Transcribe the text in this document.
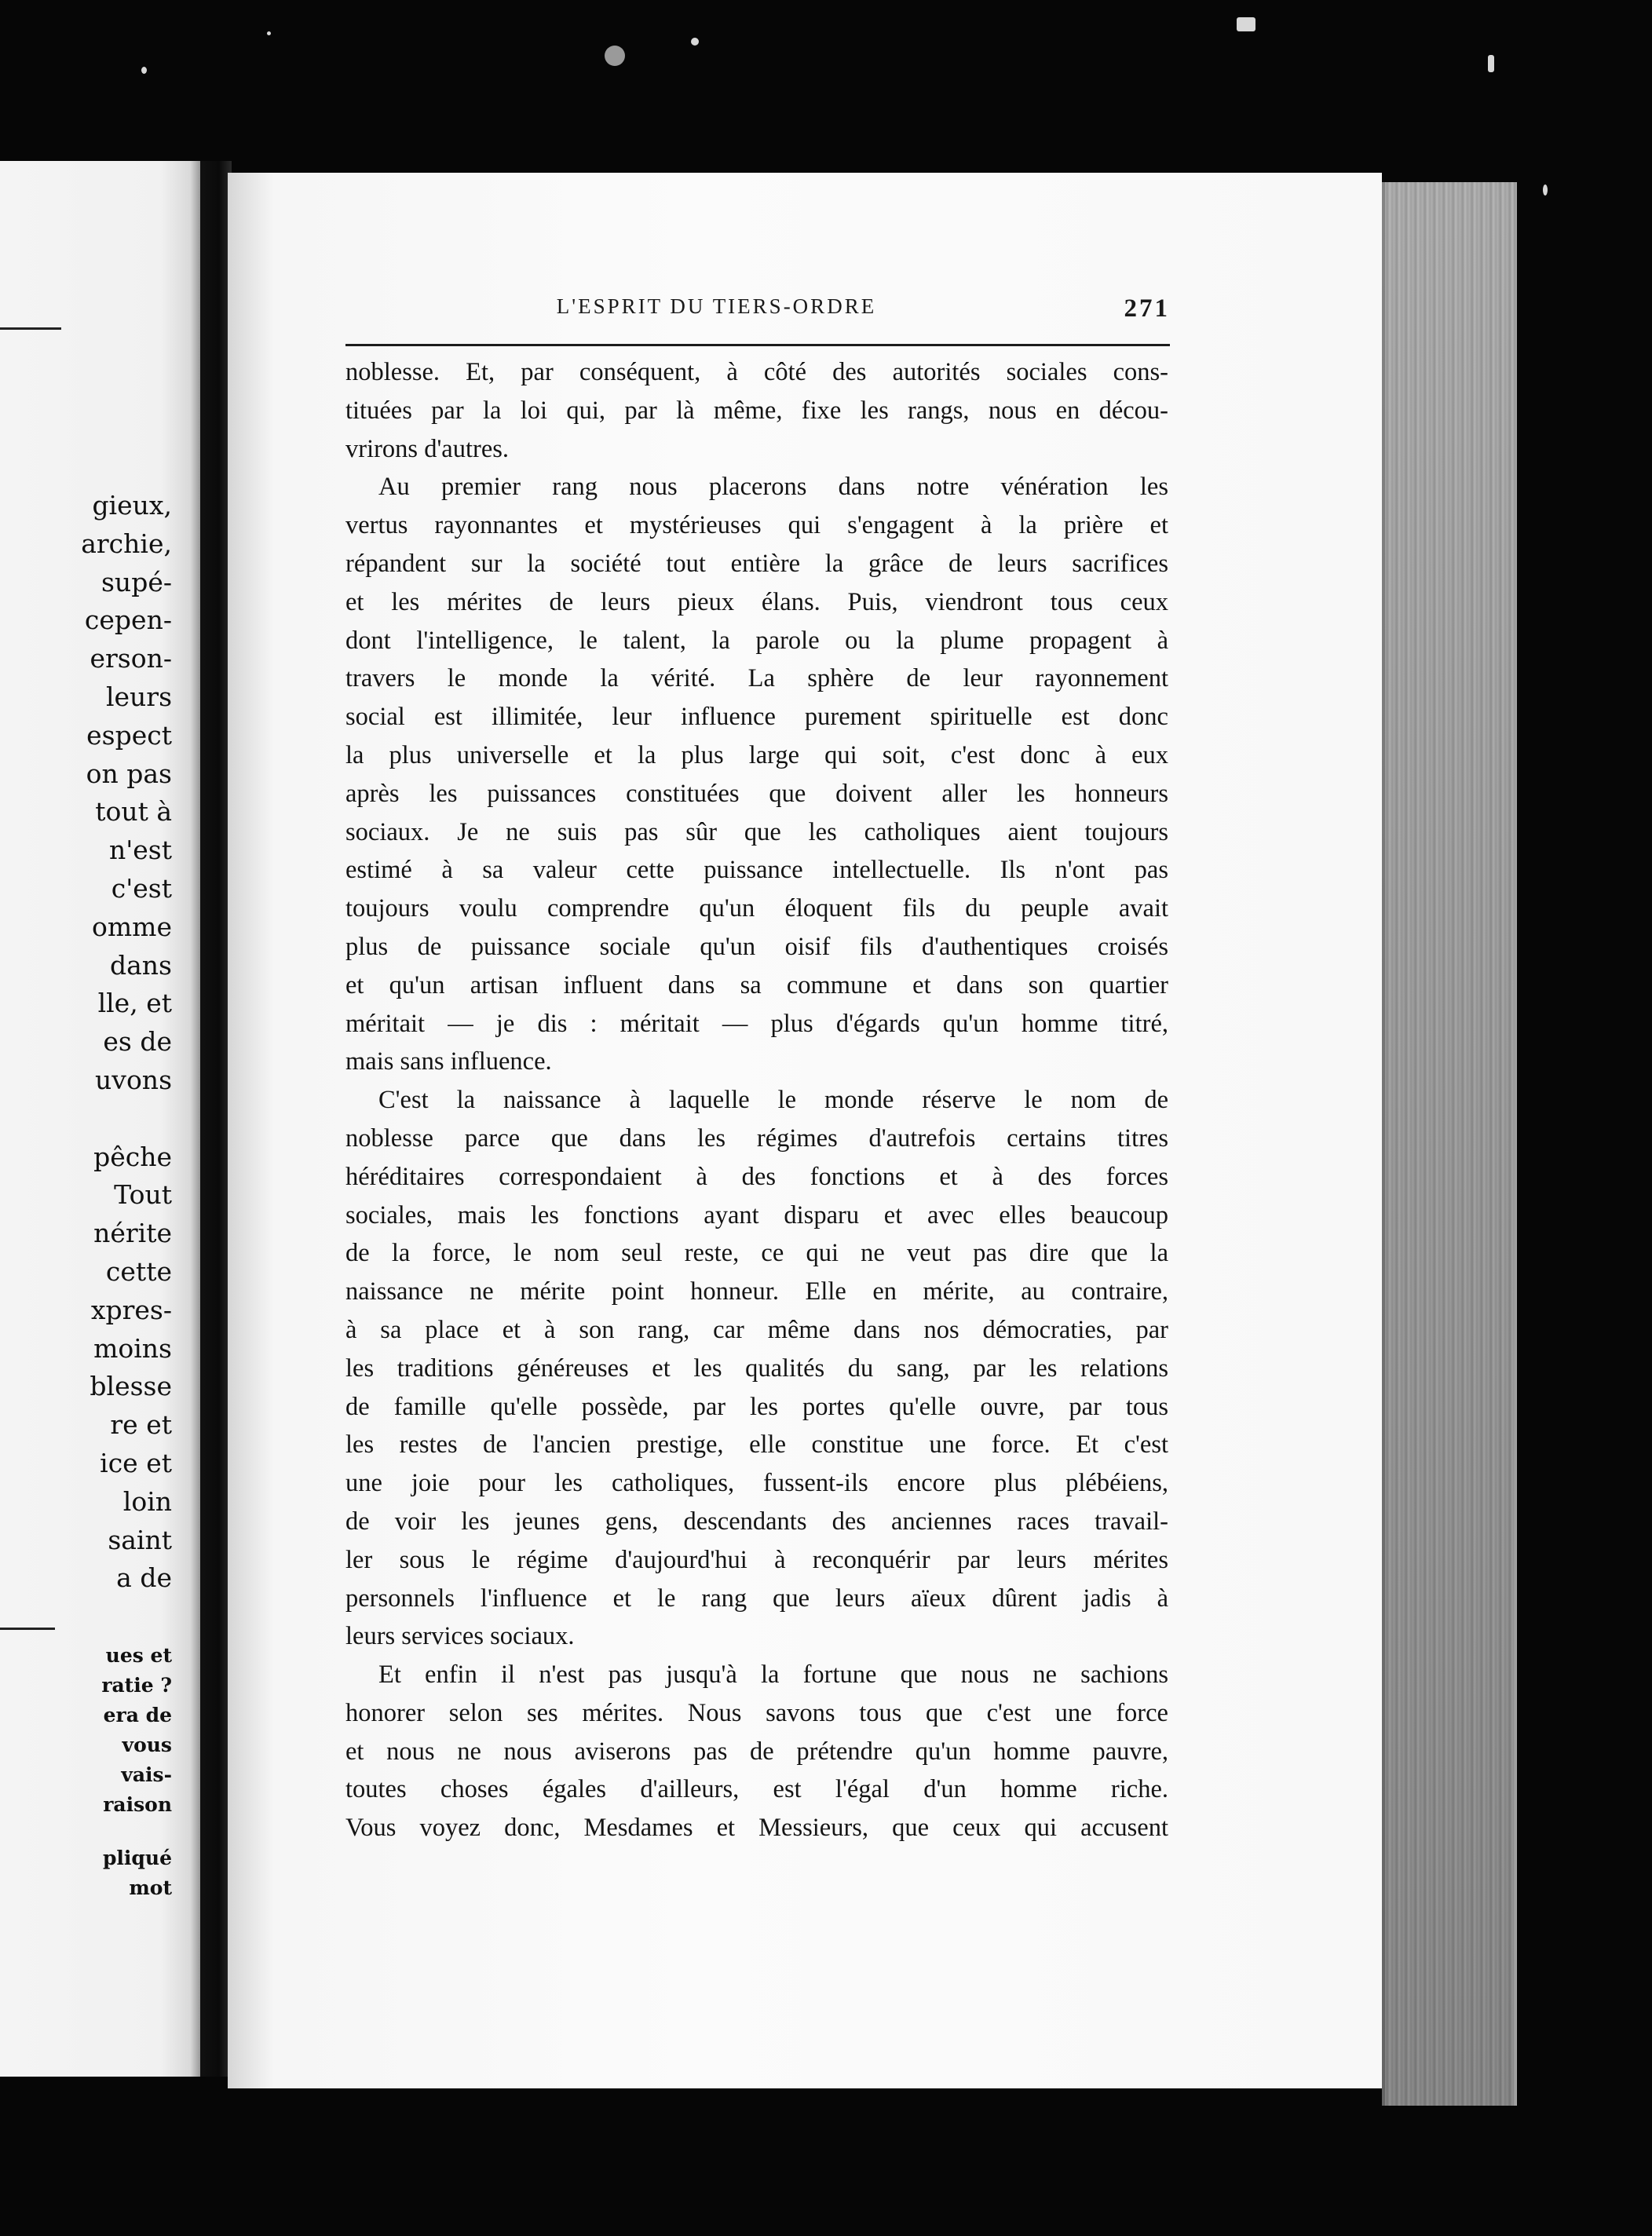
gieux,
archie,
supé-
cepen-
erson-
leurs
espect
on pas
tout à
n'est
c'est
omme
dans
lle, et
es de
uvons
pêche
Tout
nérite
cette
xpres-
moins
blesse
re et
ice et
loin
saint
a de
ues et
ratie ?
era de
vous
vais-
raison
pliqué
mot
L'ESPRIT DU TIERS-ORDRE	271
noblesse. Et, par conséquent, à côté des autorités sociales cons-
tituées par la loi qui, par là même, fixe les rangs, nous en décou-
vrirons d'autres.
Au premier rang nous placerons dans notre vénération les
vertus rayonnantes et mystérieuses qui s'engagent à la prière et
répandent sur la société tout entière la grâce de leurs sacrifices
et les mérites de leurs pieux élans. Puis, viendront tous ceux
dont l'intelligence, le talent, la parole ou la plume propagent à
travers le monde la vérité. La sphère de leur rayonnement
social est illimitée, leur influence purement spirituelle est donc
la plus universelle et la plus large qui soit, c'est donc à eux
après les puissances constituées que doivent aller les honneurs
sociaux. Je ne suis pas sûr que les catholiques aient toujours
estimé à sa valeur cette puissance intellectuelle. Ils n'ont pas
toujours voulu comprendre qu'un éloquent fils du peuple avait
plus de puissance sociale qu'un oisif fils d'authentiques croisés
et qu'un artisan influent dans sa commune et dans son quartier
méritait — je dis : méritait — plus d'égards qu'un homme titré,
mais sans influence.
C'est la naissance à laquelle le monde réserve le nom de
noblesse parce que dans les régimes d'autrefois certains titres
héréditaires correspondaient à des fonctions et à des forces
sociales, mais les fonctions ayant disparu et avec elles beaucoup
de la force, le nom seul reste, ce qui ne veut pas dire que la
naissance ne mérite point honneur. Elle en mérite, au contraire,
à sa place et à son rang, car même dans nos démocraties, par
les traditions généreuses et les qualités du sang, par les relations
de famille qu'elle possède, par les portes qu'elle ouvre, par tous
les restes de l'ancien prestige, elle constitue une force. Et c'est
une joie pour les catholiques, fussent-ils encore plus plébéiens,
de voir les jeunes gens, descendants des anciennes races travail-
ler sous le régime d'aujourd'hui à reconquérir par leurs mérites
personnels l'influence et le rang que leurs aïeux dûrent jadis à
leurs services sociaux.
Et enfin il n'est pas jusqu'à la fortune que nous ne sachions
honorer selon ses mérites. Nous savons tous que c'est une force
et nous ne nous aviserons pas de prétendre qu'un homme pauvre,
toutes choses égales d'ailleurs, est l'égal d'un homme riche.
Vous voyez donc, Mesdames et Messieurs, que ceux qui accusent
